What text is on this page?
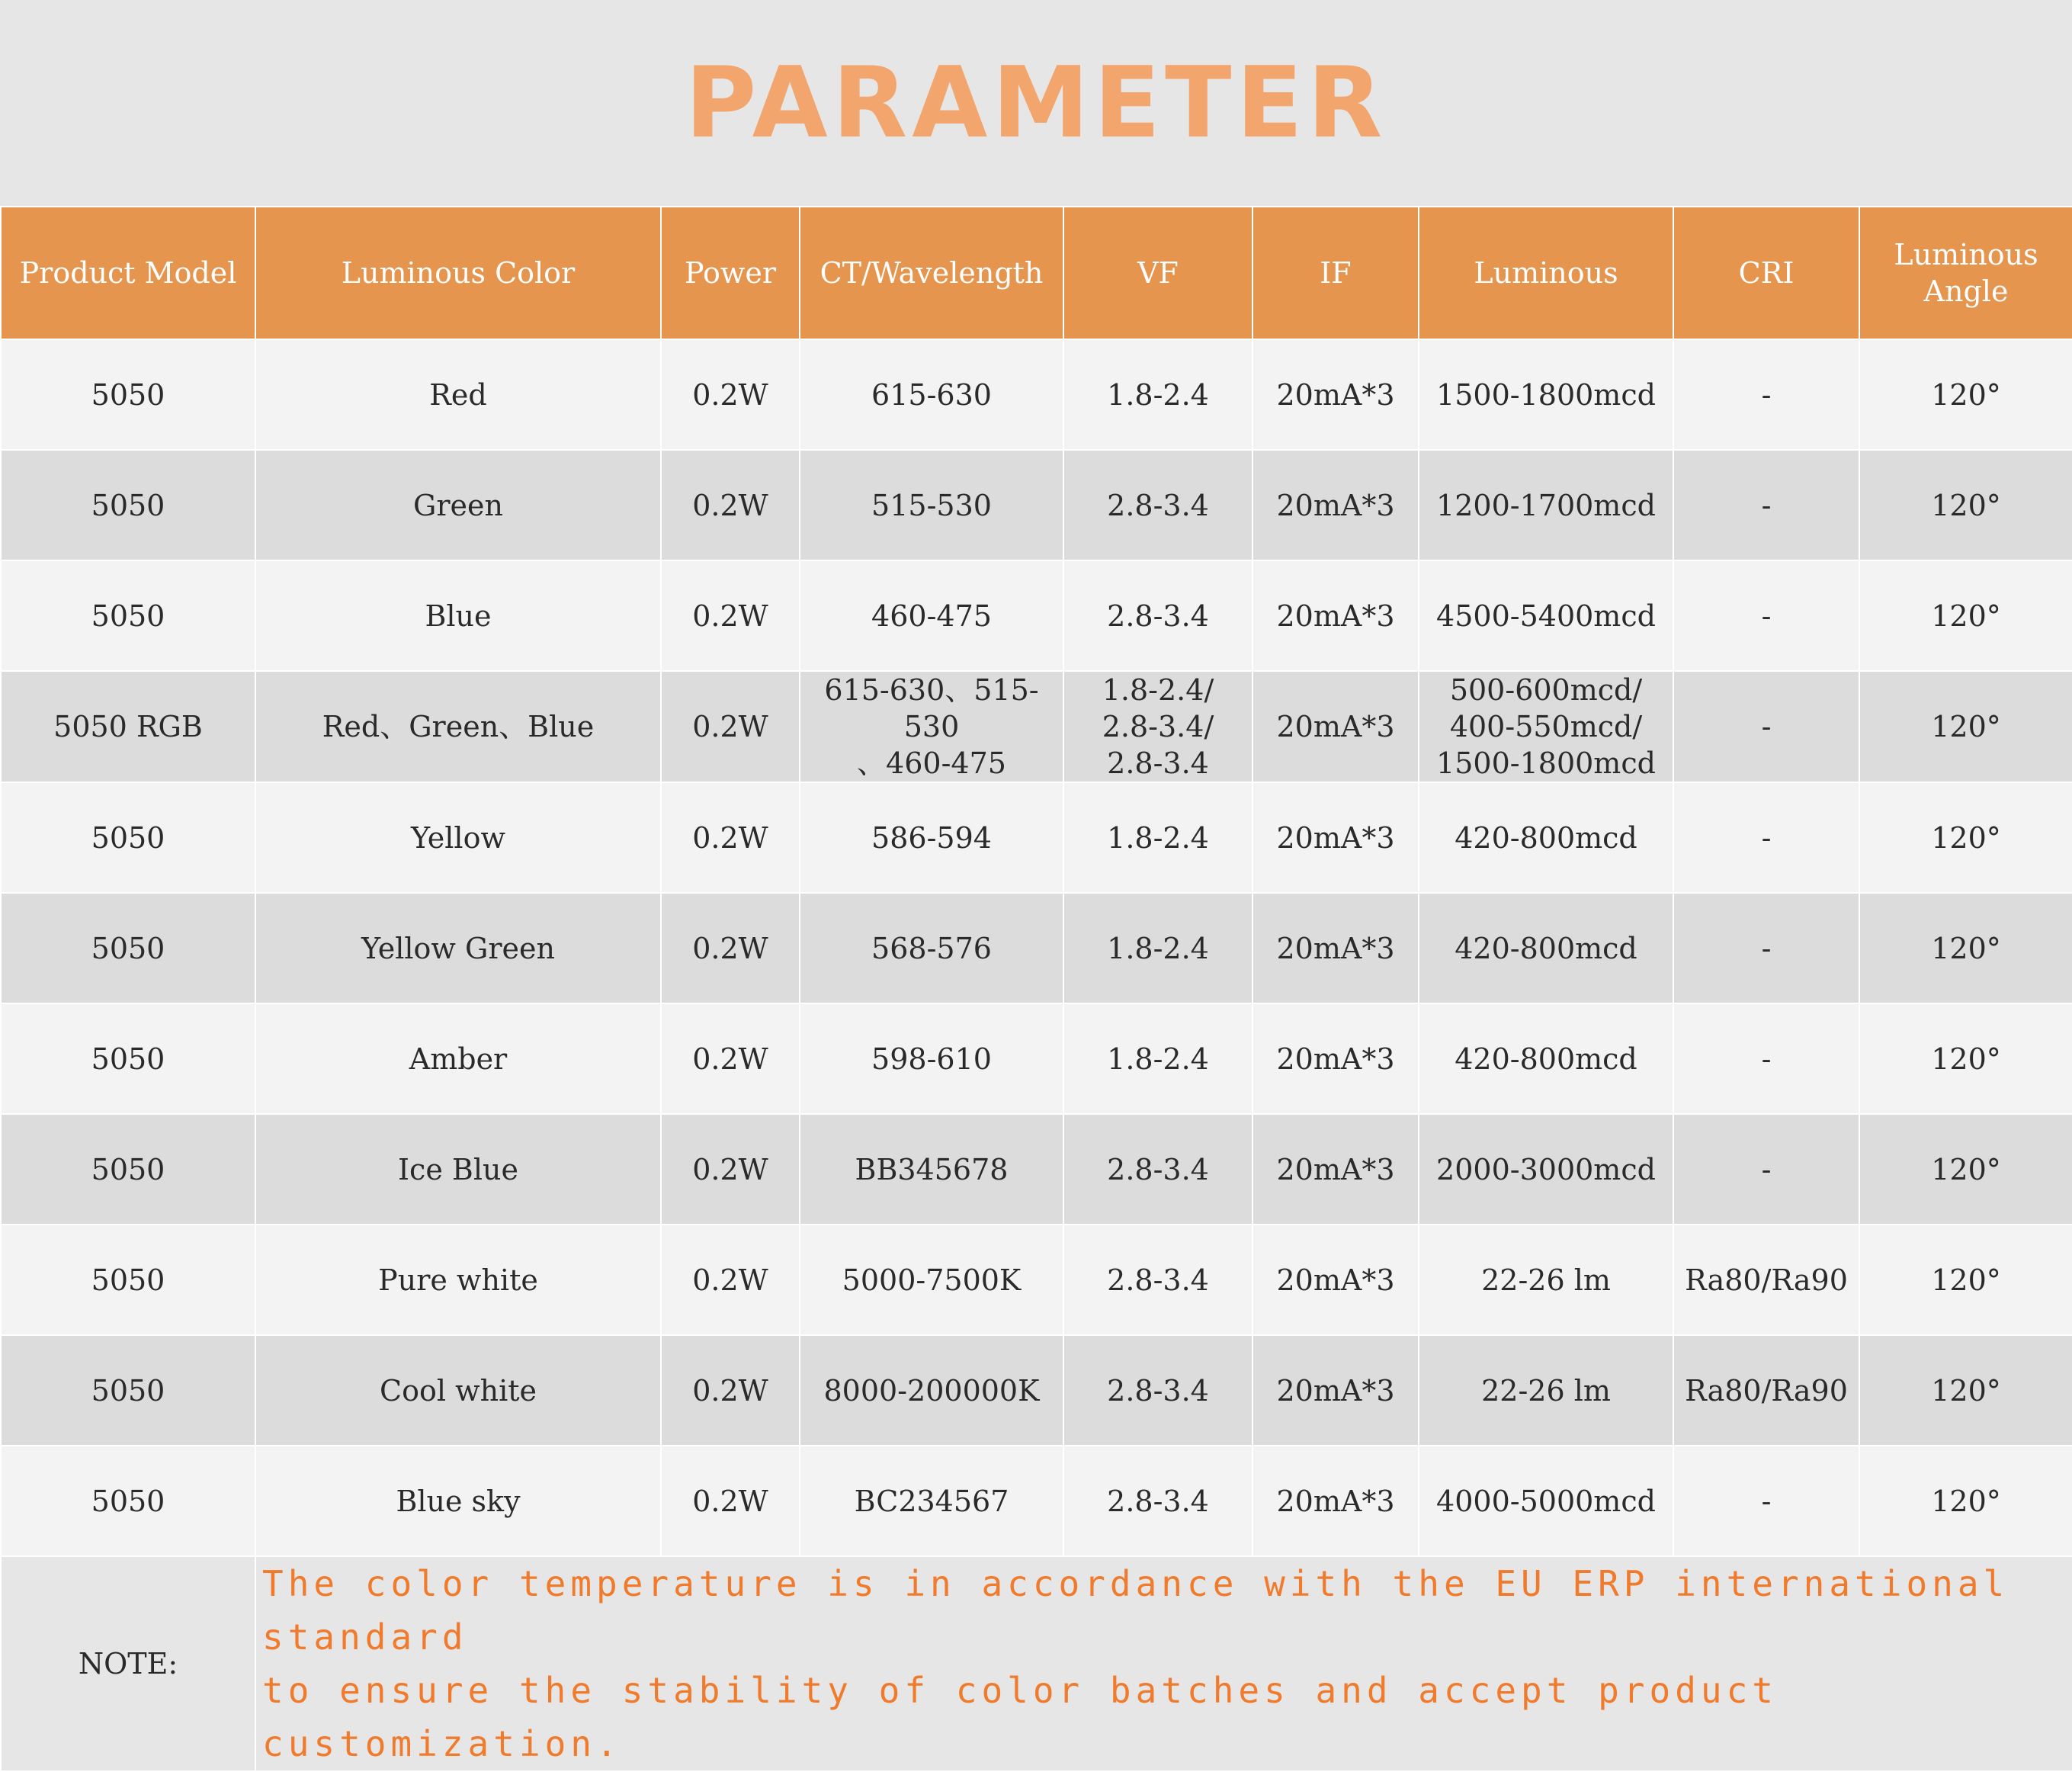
PARAMETER
Product Model	Luminous Color	Power	CT/Wavelength	VF	IF	Luminous	CRI	Luminous
Angle

5050	Red	0.2W	615-630	1.8-2.4	20mA*3	1500-1800mcd	-	120°
5050	Green	0.2W	515-530	2.8-3.4	20mA*3	1200-1700mcd	-	120°
5050	Blue	0.2W	460-475	2.8-3.4	20mA*3	4500-5400mcd	-	120°
5050 RGB	Red、Green、Blue	0.2W	615-630、515-530
、460-475	1.8-2.4/
2.8-3.4/
2.8-3.4	20mA*3	500-600mcd/
400-550mcd/
1500-1800mcd	-	120°
5050	Yellow	0.2W	586-594	1.8-2.4	20mA*3	420-800mcd	-	120°
5050	Yellow Green	0.2W	568-576	1.8-2.4	20mA*3	420-800mcd	-	120°
5050	Amber	0.2W	598-610	1.8-2.4	20mA*3	420-800mcd	-	120°
5050	Ice Blue	0.2W	BB345678	2.8-3.4	20mA*3	2000-3000mcd	-	120°
5050	Pure white	0.2W	5000-7500K	2.8-3.4	20mA*3	22-26 lm	Ra80/Ra90	120°
5050	Cool white	0.2W	8000-200000K	2.8-3.4	20mA*3	22-26 lm	Ra80/Ra90	120°
5050	Blue sky	0.2W	BC234567	2.8-3.4	20mA*3	4000-5000mcd	-	120°
NOTE:	The color temperature is in accordance with the EU ERP international standard
to ensure the stability of color batches and accept product customization.							
